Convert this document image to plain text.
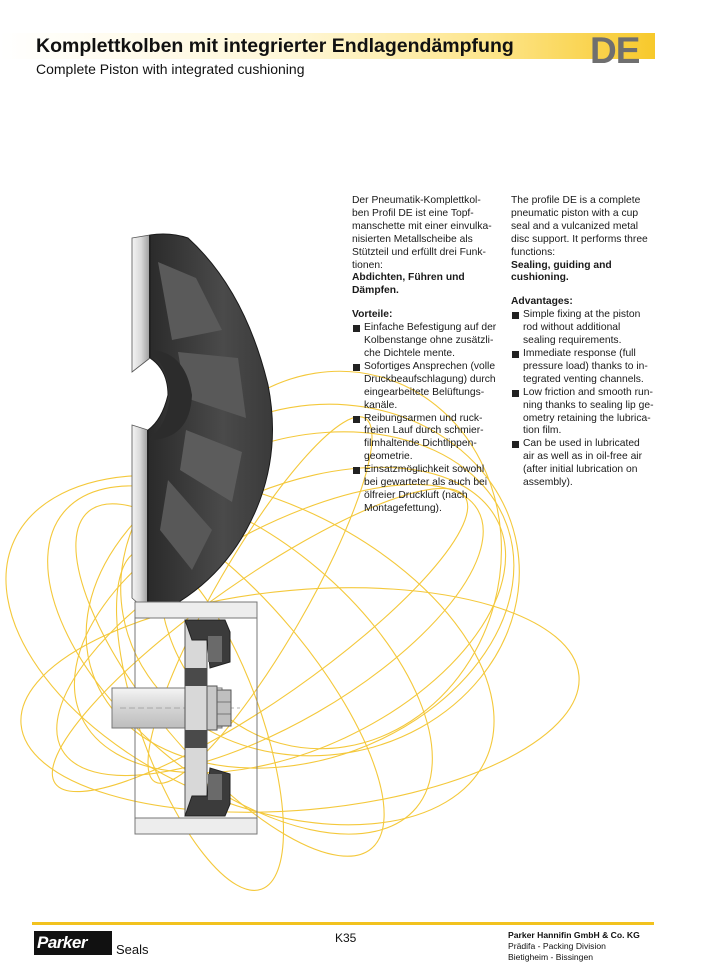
Komplettkolben mit integrierter Endlagendämpfung
Complete Piston with integrated cushioning	DE

Der Pneumatik-Komplettkol-
ben Profil DE ist eine Topf-
manschette mit einer einvulka-
nisierten Metallscheibe als
Stützteil und erfüllt drei Funk-
tionen:

Abdichten, Führen und
Dämpfen.

Vorteile:

Einfache Befestigung auf der
Kolbenstange ohne zusätzli-
che Dichtele mente.

Sofortiges Ansprechen (volle
Druckbeaufschlagung) durch
eingearbeitete Belüftungs-
kanäle.

Reibungsarmen und ruck-
freien Lauf durch schmier-
filmhaltende Dichtlippen-
geometrie.

Einsatzmöglichkeit sowohl
bei gewarteter als auch bei
ölfreier Druckluft (nach
Montagefettung).

The profile DE is a complete
pneumatic piston with a cup
seal and a vulcanized metal
disc support. It performs three
functions:

Sealing, guiding and
cushioning.

Advantages:

Simple fixing at the piston
rod without additional
sealing requirements.

Immediate response (full
pressure load) thanks to in-
tegrated venting channels.

Low friction and smooth run-
ning thanks to sealing lip ge-
ometry retaining the lubrica-
tion film.

Can be used in lubricated
air as well as in oil-free air
(after initial lubrication on
assembly).

Parker Seals
K35	Parker Hannifin GmbH & Co. KG
Prädifa - Packing Division
Bietigheim - Bissingen
